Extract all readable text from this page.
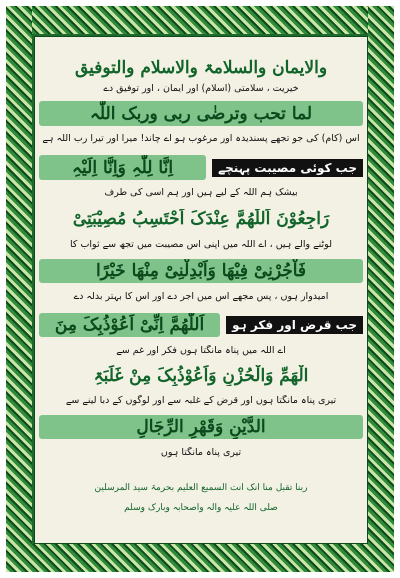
والایمان والسلامۃ والاسلام والتوفیق
خیریت ، سلامتی (اسلام) اور ایمان ، اور توفیق دے
لما تحب وترضٰی ربی وربک اللّٰہ
اس (کام) کی جو تجھے پسندیدہ اور مرغوب ہو اے چاند! میرا اور تیرا رب اللہ ہے
جب کوئی مصیبت پہنچے
اِنَّا لِلّٰہِ وَاِنَّا اِلَیْہِ
بیشک ہم اللہ کے لیے ہیں اور ہم اسی کی طرف
رَاجِعُوْنَ اَللّٰھُمَّ عِنْدَکَ اَحْتَسِبُ مُصِیْبَتِیْ
لوٹنے والے ہیں ، اے اللہ میں اپنی اس مصیبت میں تجھ سے ثواب کا
فَاْجُرْنِیْ فِیْھَا وَاَبْدِلْنِیْ مِنْھَا خَیْرًا
امیدوار ہوں ، پس مجھے اس میں اجر دے اور اس کا بہتر بدلہ دے
جب قرض اور فکر ہو
اَللّٰھُمَّ اِنِّیْ اَعُوْذُبِکَ مِنَ
اے اللہ میں پناہ مانگتا ہوں فکر اور غم سے
الْھَمِّ وَالْحُزْنِ وَاَعُوْذُبِکَ مِنْ غَلَبَۃِ
تیری پناہ مانگتا ہوں اور قرض کے غلبہ سے اور لوگوں کے دبا لینے سے
الدَّیْنِ وَقَھْرِ الرِّجَالِ
تیری پناہ مانگتا ہوں
ربنا تقبل منا انک انت السمیع العلیم بحرمۃ سید المرسلین
صلی اللہ علیہ وآلہ واصحابہ وبارک وسلم
